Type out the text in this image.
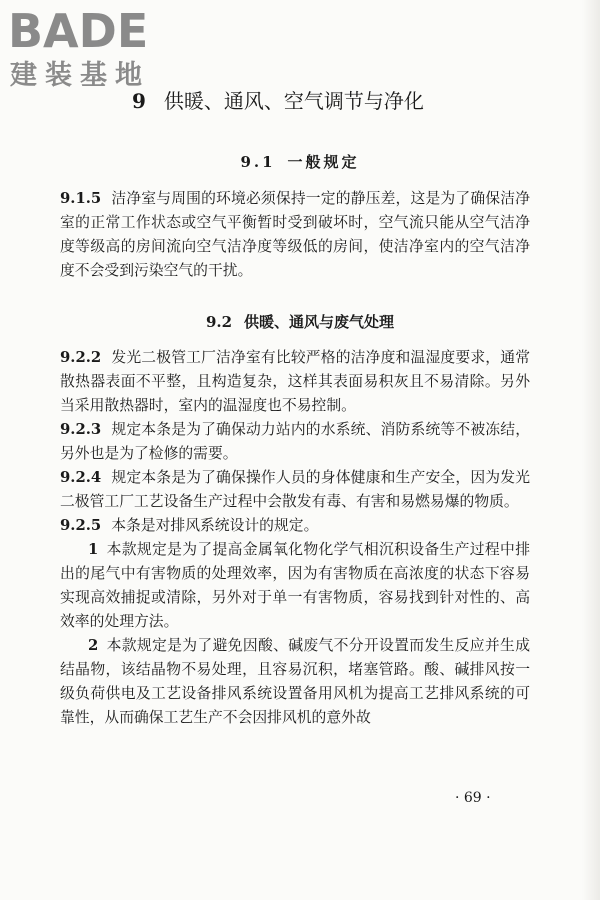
BADE
建装基地
9 供暖、通风、空气调节与净化
9.1 一般规定

9.1.5 洁净室与周围的环境必须保持一定的静压差，这是为了确保洁净室的正常工作状态或空气平衡暂时受到破坏时，空气流只能从空气洁净度等级高的房间流向空气洁净度等级低的房间，使洁净室内的空气洁净度不会受到污染空气的干扰。

9.2 供暖、通风与废气处理

9.2.2 发光二极管工厂洁净室有比较严格的洁净度和温湿度要求，通常散热器表面不平整，且构造复杂，这样其表面易积灰且不易清除。另外当采用散热器时，室内的温湿度也不易控制。

9.2.3 规定本条是为了确保动力站内的水系统、消防系统等不被冻结，另外也是为了检修的需要。

9.2.4 规定本条是为了确保操作人员的身体健康和生产安全，因为发光二极管工厂工艺设备生产过程中会散发有毒、有害和易燃易爆的物质。

9.2.5 本条是对排风系统设计的规定。

1 本款规定是为了提高金属氧化物化学气相沉积设备生产过程中排出的尾气中有害物质的处理效率，因为有害物质在高浓度的状态下容易实现高效捕捉或清除，另外对于单一有害物质，容易找到针对性的、高效率的处理方法。

2 本款规定是为了避免因酸、碱废气不分开设置而发生反应并生成结晶物，该结晶物不易处理，且容易沉积，堵塞管路。酸、碱排风按一级负荷供电及工艺设备排风系统设置备用风机为提高工艺排风系统的可靠性，从而确保工艺生产不会因排风机的意外故

· 69 ·
